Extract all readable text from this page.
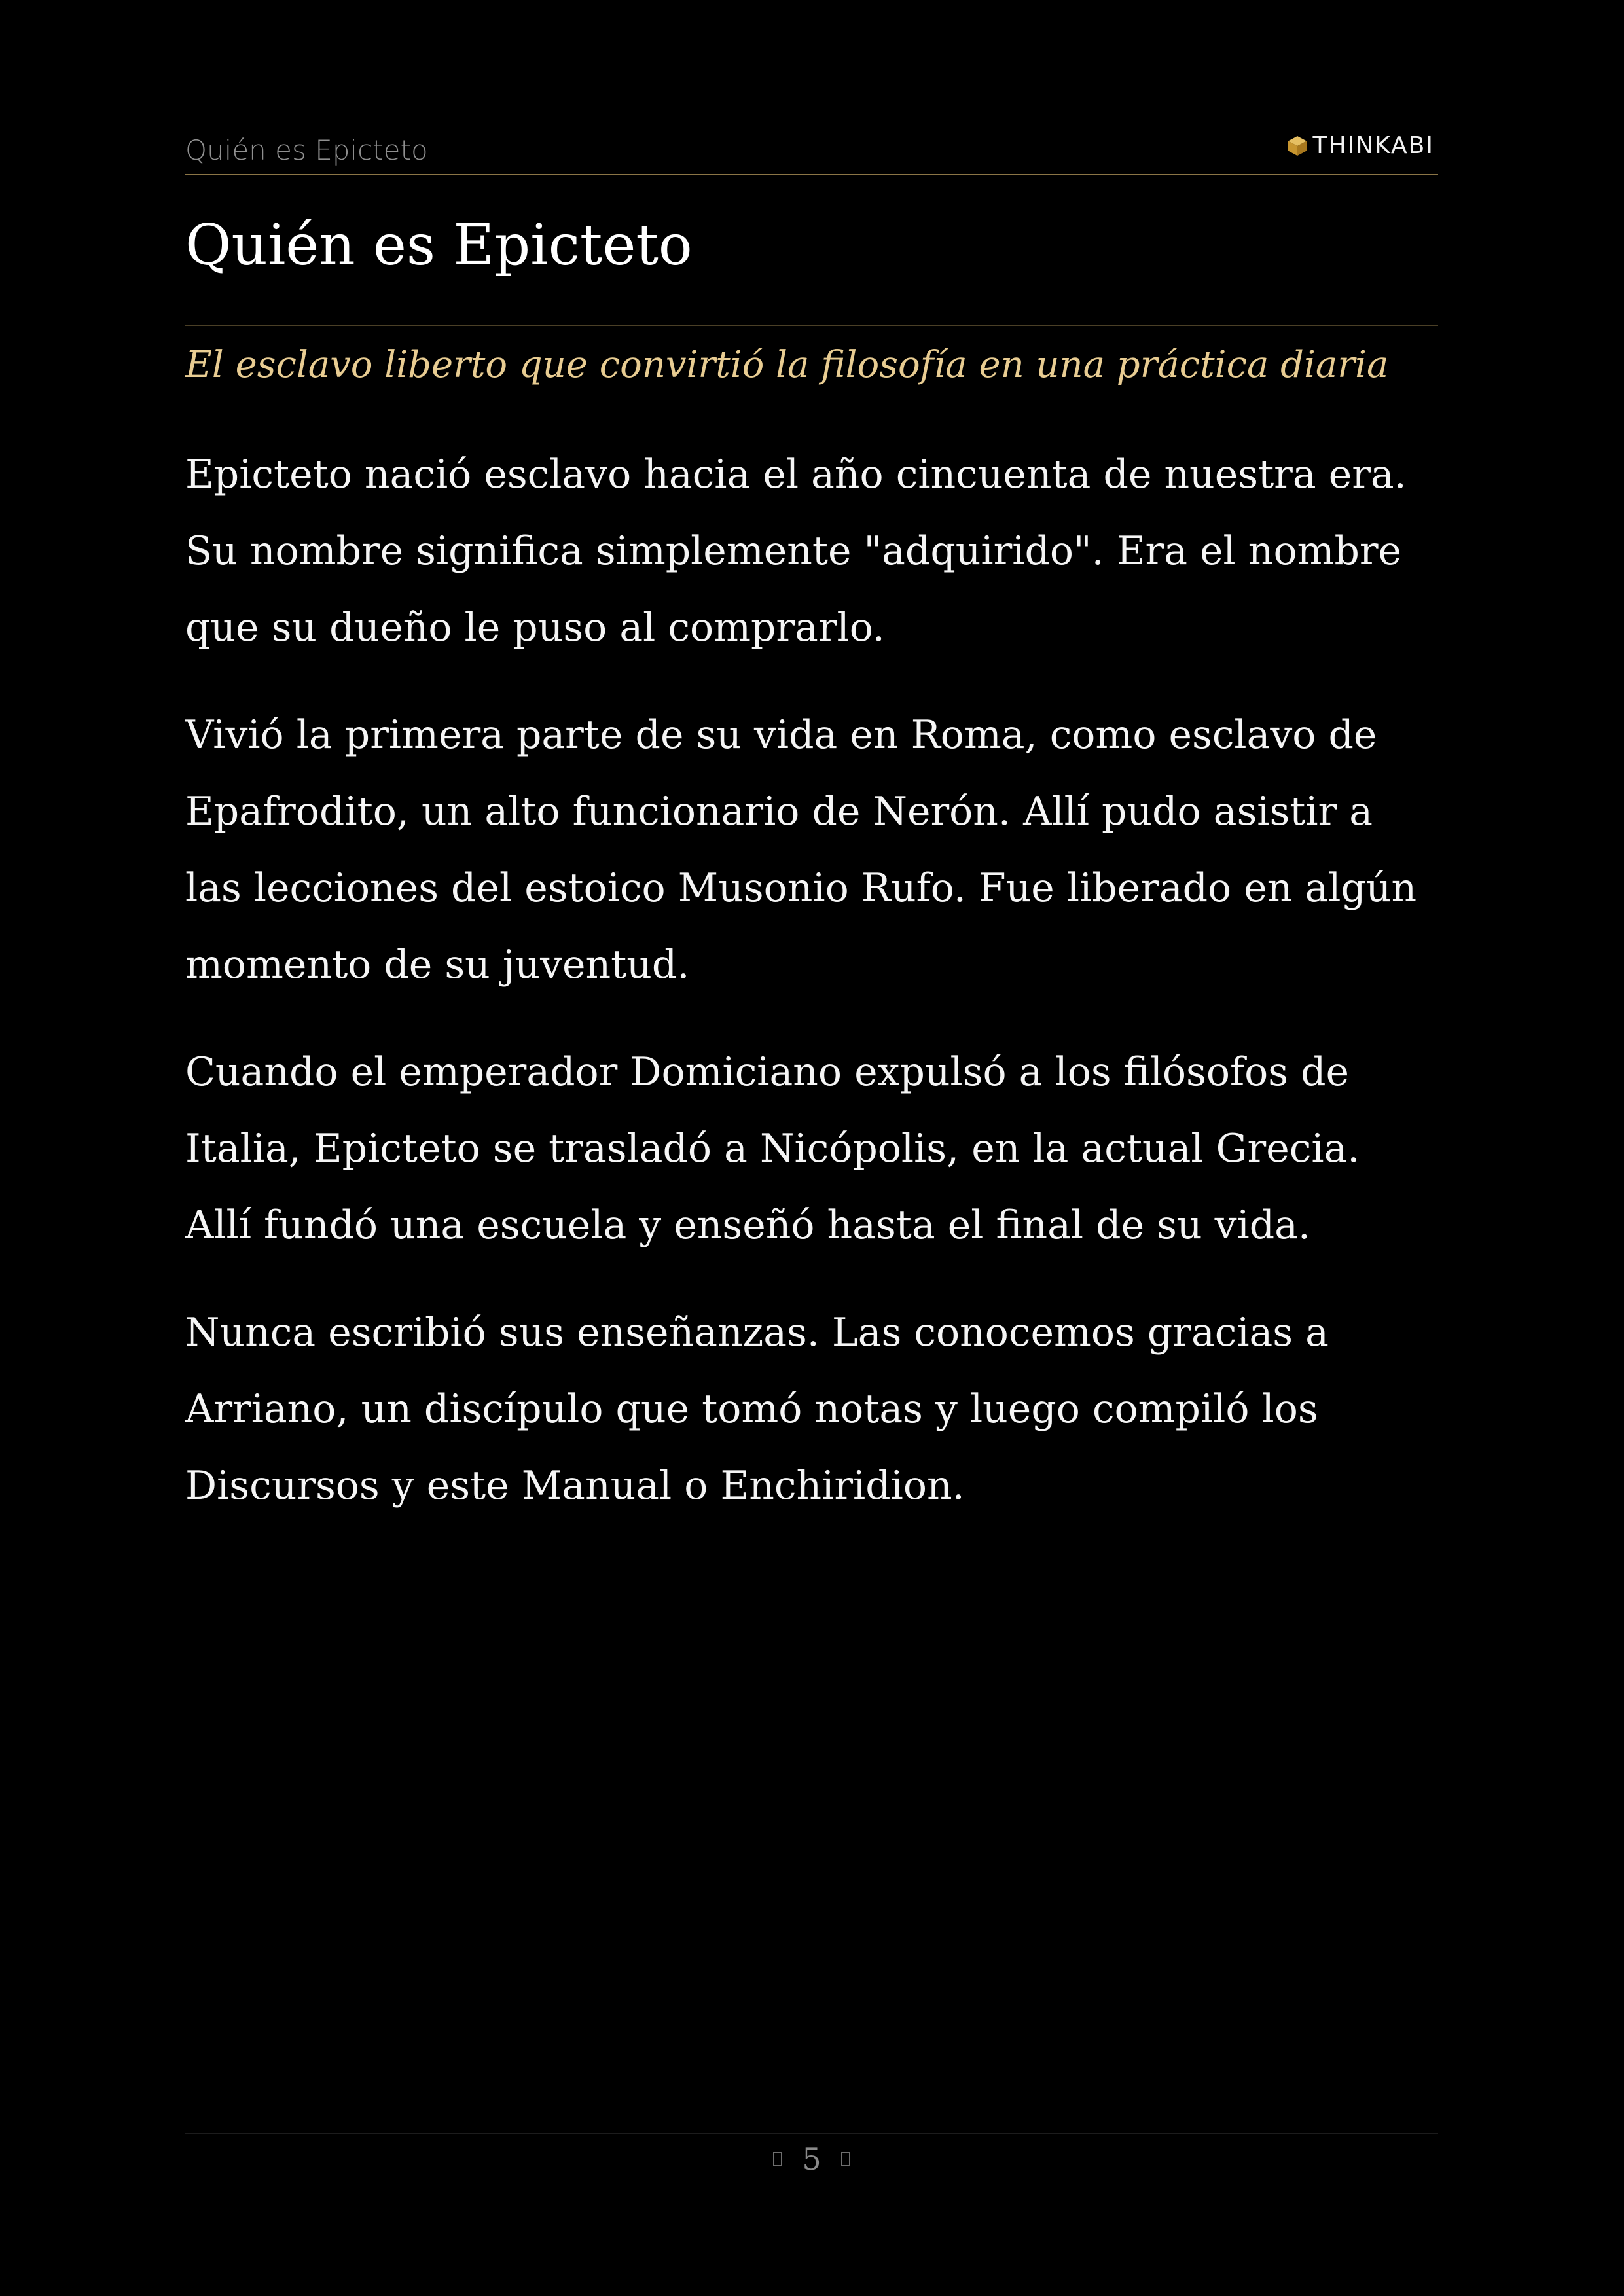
Quién es Epicteto	THINKABI
Quién es Epicteto

El esclavo liberto que convirtió la filosofía en una práctica diaria

Epicteto nació esclavo hacia el año cincuenta de nuestra era. Su nombre significa simplemente "adquirido". Era el nombre que su dueño le puso al comprarlo.

Vivió la primera parte de su vida en Roma, como esclavo de Epafrodito, un alto funcionario de Nerón. Allí pudo asistir a las lecciones del estoico Musonio Rufo. Fue liberado en algún momento de su juventud.

Cuando el emperador Domiciano expulsó a los filósofos de Italia, Epicteto se trasladó a Nicópolis, en la actual Grecia. Allí fundó una escuela y enseñó hasta el final de su vida.

Nunca escribió sus enseñanzas. Las conocemos gracias a Arriano, un discípulo que tomó notas y luego compiló los Discursos y este Manual o Enchiridion.

5
